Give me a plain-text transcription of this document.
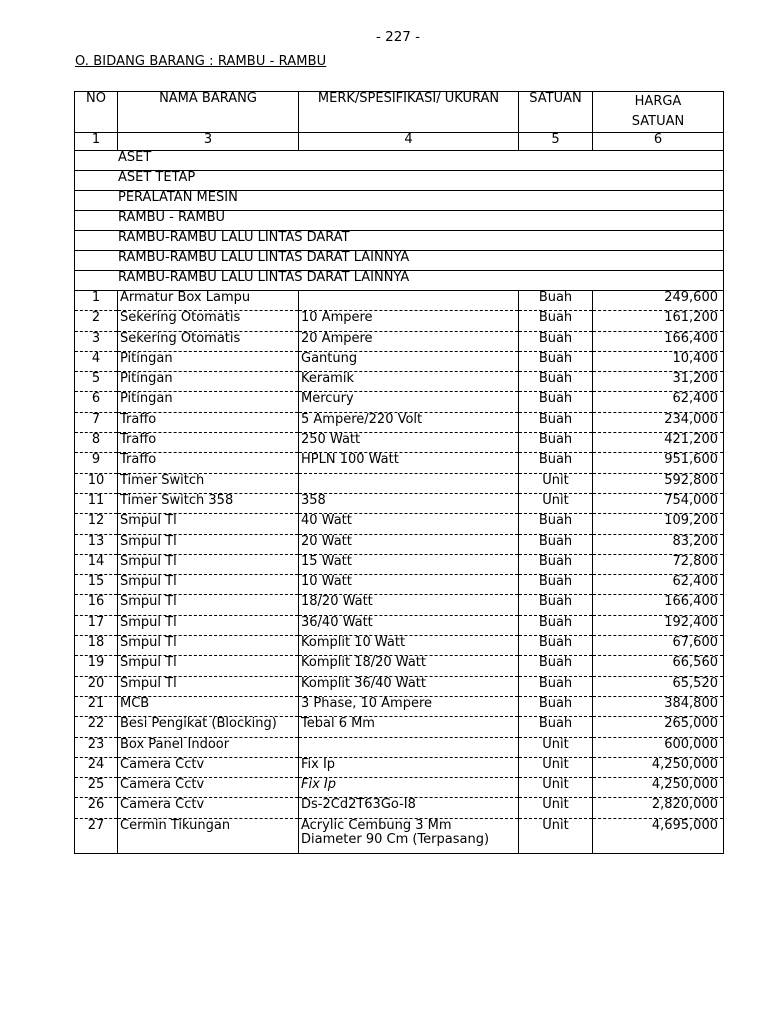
- 227 -
O. BIDANG BARANG : RAMBU - RAMBU
NO	NAMA BARANG	MERK/SPESIFIKASI/ UKURAN	SATUAN	HARGA
SATUAN

1	3	4	5	6
ASET				
ASET TETAP				
PERALATAN MESIN				
RAMBU - RAMBU				
RAMBU-RAMBU LALU LINTAS DARAT				
RAMBU-RAMBU LALU LINTAS DARAT LAINNYA				
RAMBU-RAMBU LALU LINTAS DARAT LAINNYA				
1	Armatur Box Lampu		Buah	249,600
2	Sekering Otomatis	10 Ampere	Buah	161,200
3	Sekering Otomatis	20 Ampere	Buah	166,400
4	Pitingan	Gantung	Buah	10,400
5	Pitingan	Keramik	Buah	31,200
6	Pitingan	Mercury	Buah	62,400
7	Traffo	5 Ampere/220 Volt	Buah	234,000
8	Traffo	250 Watt	Buah	421,200
9	Traffo	HPLN 100 Watt	Buah	951,600
10	Timer Switch		Unit	592,800
11	Timer Switch 358	358	Unit	754,000
12	Smpul Tl	40 Watt	Buah	109,200
13	Smpul Tl	20 Watt	Buah	83,200
14	Smpul Tl	15 Watt	Buah	72,800
15	Smpul Tl	10 Watt	Buah	62,400
16	Smpul Tl	18/20 Watt	Buah	166,400
17	Smpul Tl	36/40 Watt	Buah	192,400
18	Smpul Tl	Komplit 10 Watt	Buah	67,600
19	Smpul Tl	Komplit 18/20 Watt	Buah	66,560
20	Smpul Tl	Komplit 36/40 Watt	Buah	65,520
21	MCB	3 Phase, 10 Ampere	Buah	384,800
22	Besi Pengikat (Blocking)	Tebal 6 Mm	Buah	265,000
23	Box Panel Indoor		Unit	600,000
24	Camera Cctv	Fix Ip	Unit	4,250,000
25	Camera Cctv	Fix Ip	Unit	4,250,000
26	Camera Cctv	Ds-2Cd2T63Go-I8	Unit	2,820,000
27	Cermin Tikungan	Acrylic Cembung 3 Mm Diameter 90 Cm (Terpasang)	Unit	4,695,000
